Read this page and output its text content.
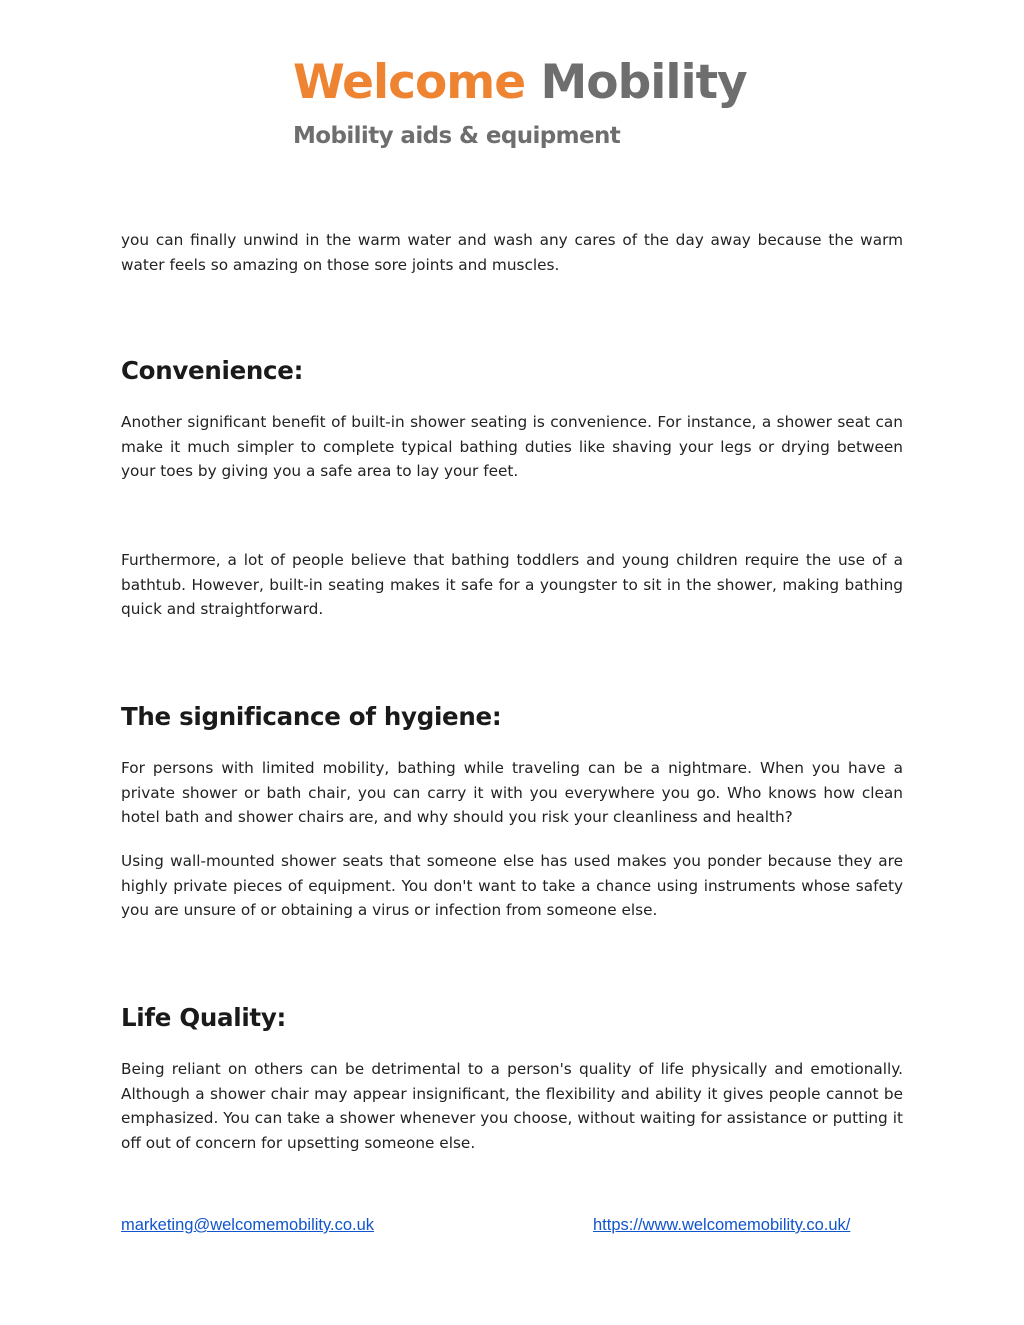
Welcome Mobility
Mobility aids & equipment

you can finally unwind in the warm water and wash any cares of the day away because the warm water feels so amazing on those sore joints and muscles.

Convenience:

Another significant benefit of built-in shower seating is convenience. For instance, a shower seat can make it much simpler to complete typical bathing duties like shaving your legs or drying between your toes by giving you a safe area to lay your feet.

Furthermore, a lot of people believe that bathing toddlers and young children require the use of a bathtub. However, built-in seating makes it safe for a youngster to sit in the shower, making bathing quick and straightforward.

The significance of hygiene:

For persons with limited mobility, bathing while traveling can be a nightmare. When you have a private shower or bath chair, you can carry it with you everywhere you go. Who knows how clean hotel bath and shower chairs are, and why should you risk your cleanliness and health?

Using wall-mounted shower seats that someone else has used makes you ponder because they are highly private pieces of equipment. You don't want to take a chance using instruments whose safety you are unsure of or obtaining a virus or infection from someone else.

Life Quality:

Being reliant on others can be detrimental to a person's quality of life physically and emotionally. Although a shower chair may appear insignificant, the flexibility and ability it gives people cannot be emphasized. You can take a shower whenever you choose, without waiting for assistance or putting it off out of concern for upsetting someone else.

marketing@welcomemobility.co.uk	https://www.welcomemobility.co.uk/
